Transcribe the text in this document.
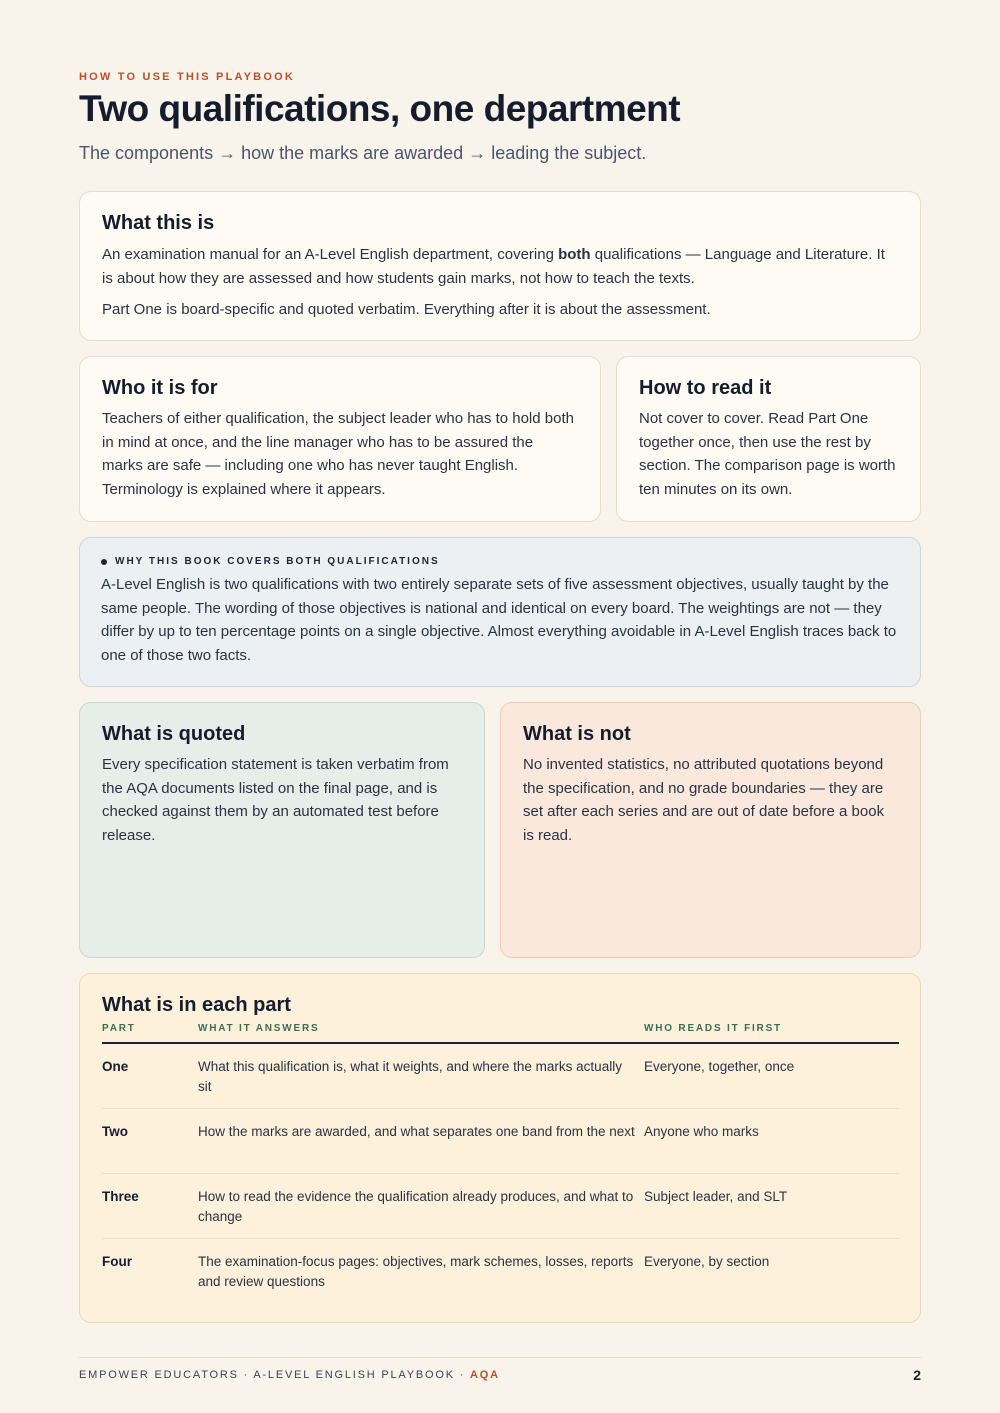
HOW TO USE THIS PLAYBOOK
Two qualifications, one department
The components → how the marks are awarded → leading the subject.
What this is

An examination manual for an A-Level English department, covering both qualifications — Language and Literature. It is about how they are assessed and how students gain marks, not how to teach the texts.

Part One is board-specific and quoted verbatim. Everything after it is about the assessment.

Who it is for

Teachers of either qualification, the subject leader who has to hold both in mind at once, and the line manager who has to be assured the marks are safe — including one who has never taught English. Terminology is explained where it appears.

How to read it

Not cover to cover. Read Part One together once, then use the rest by section. The comparison page is worth ten minutes on its own.

WHY THIS BOOK COVERS BOTH QUALIFICATIONS

A-Level English is two qualifications with two entirely separate sets of five assessment objectives, usually taught by the same people. The wording of those objectives is national and identical on every board. The weightings are not — they differ by up to ten percentage points on a single objective. Almost everything avoidable in A-Level English traces back to one of those two facts.

What is quoted

Every specification statement is taken verbatim from the AQA documents listed on the final page, and is checked against them by an automated test before release.

What is not

No invented statistics, no attributed quotations beyond the specification, and no grade boundaries — they are set after each series and are out of date before a book is read.

What is in each part
PART	WHAT IT ANSWERS	WHO READS IT FIRST
One	What this qualification is, what it weights, and where the marks actually sit	Everyone, together, once
Two	How the marks are awarded, and what separates one band from the next	Anyone who marks
Three	How to read the evidence the qualification already produces, and what to change	Subject leader, and SLT
Four	The examination-focus pages: objectives, mark schemes, losses, reports and review questions	Everyone, by section
EMPOWER EDUCATORS · A-LEVEL ENGLISH PLAYBOOK · AQA	2
